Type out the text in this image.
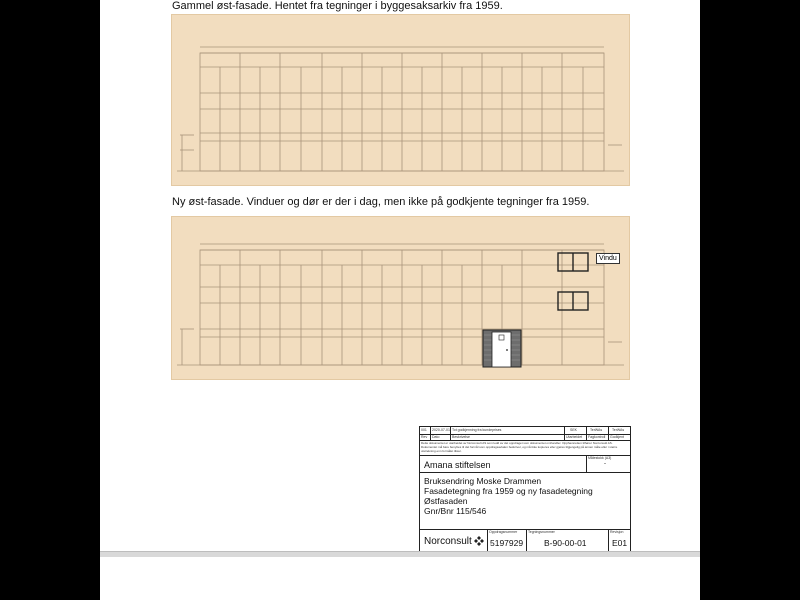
Gammel øst-fasade. Hentet fra tegninger i byggesaksarkiv fra 1959.
Ny øst-fasade. Vinduer og dør er der i dag, men ikke på godkjente tegninger fra 1959.
Vindu
001 2020-07-01 Tot godkjenning fra kundeprises	SEK	TerWAs	TerWAs
Rev Dato	Beskrivelse	Utarbeidet Fagkontroll Godkjent
Dette dokumentet er utarbeidet av Norconsult AS som ledd av det oppdraget som dokumentet omhandler. Opphavsretten tilhører Norconsult AS. Dokumentet må bare benyttes til det formål som oppdragsavtalen beskriver, og må ikke kopieres eller gjøres tilgjengelig på annen måte eller i større utstrekning enn formålet tilsier.
Amana stiftelsen
Målestokk (A3)
-
Bruksendring Moske Drammen
Fasadetegning fra 1959 og ny fasadetegning
Østfasaden
Gnr/Bnr 115/546
Norconsult
Oppdragsnummer
5197929
Tegningsnummer
B-90-00-01
Revisjon
E01
